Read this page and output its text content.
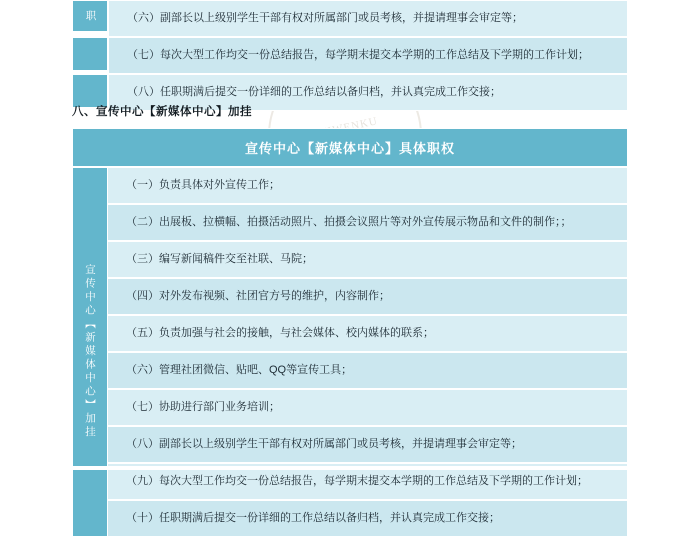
职	（六）副部长以上级别学生干部有权对所属部门或员考核，并提请理事会审定等；
（七）每次大型工作均交一份总结报告，每学期末提交本学期的工作总结及下学期的工作计划；
（八）任职期满后提交一份详细的工作总结以备归档，并认真完成工作交接；
八、宣传中心【新媒体中心】加挂
宣传中心【新媒体中心】具体职权
宣传中心【新媒体中心】加挂
（一）负责具体对外宣传工作；
（二）出展板、拉横幅、拍摄活动照片、拍摄会议照片等对外宣传展示物品和文件的制作；；
（三）编写新闻稿件交至社联、马院；
（四）对外发布视频、社团官方号的维护，内容制作；
（五）负责加强与社会的接触，与社会媒体、校内媒体的联系；
（六）管理社团微信、贴吧、QQ等宣传工具；
（七）协助进行部门业务培训；
（八）副部长以上级别学生干部有权对所属部门或员考核，并提请理事会审定等；
（九）每次大型工作均交一份总结报告，每学期末提交本学期的工作总结及下学期的工作计划；
（十）任职期满后提交一份详细的工作总结以备归档，并认真完成工作交接；
